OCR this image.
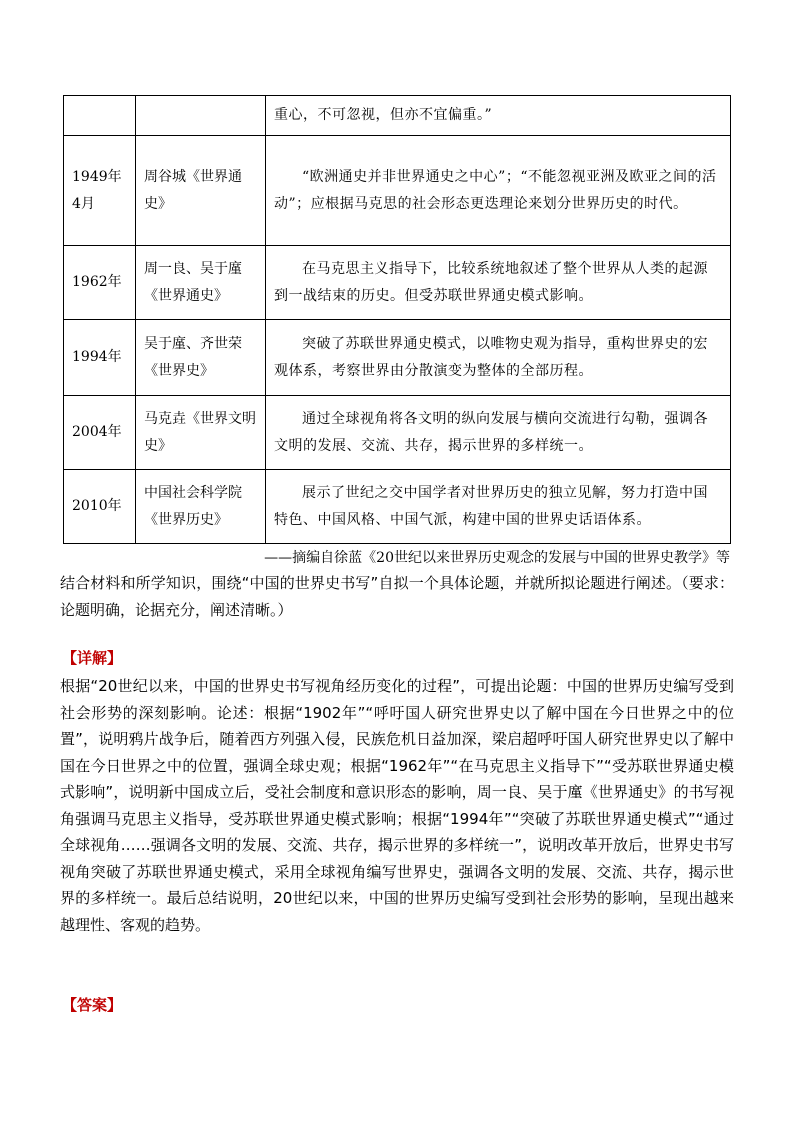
		重心，不可忽视，但亦不宜偏重。”
1949年4月	周谷城《世界通史》	“欧洲通史并非世界通史之中心”；“不能忽视亚洲及欧亚之间的活动”；应根据马克思的社会形态更迭理论来划分世界历史的时代。
1962年	周一良、吴于廑《世界通史》	在马克思主义指导下，比较系统地叙述了整个世界从人类的起源到一战结束的历史。但受苏联世界通史模式影响。
1994年	吴于廑、齐世荣《世界史》	突破了苏联世界通史模式，以唯物史观为指导，重构世界史的宏观体系，考察世界由分散演变为整体的全部历程。
2004年	马克垚《世界文明史》	通过全球视角将各文明的纵向发展与横向交流进行勾勒，强调各文明的发展、交流、共存，揭示世界的多样统一。
2010年	中国社会科学院《世界历史》	展示了世纪之交中国学者对世界历史的独立见解，努力打造中国特色、中国风格、中国气派，构建中国的世界史话语体系。
——摘编自徐蓝《20世纪以来世界历史观念的发展与中国的世界史教学》等
结合材料和所学知识，围绕“中国的世界史书写”自拟一个具体论题，并就所拟论题进行阐述。（要求：论题明确，论据充分，阐述清晰。）
【详解】
根据“20世纪以来，中国的世界史书写视角经历变化的过程”，可提出论题：中国的世界历史编写受到社会形势的深刻影响。论述：根据“1902年”“呼吁国人研究世界史以了解中国在今日世界之中的位置”，说明鸦片战争后，随着西方列强入侵，民族危机日益加深，梁启超呼吁国人研究世界史以了解中国在今日世界之中的位置，强调全球史观；根据“1962年”“在马克思主义指导下”“受苏联世界通史模式影响”，说明新中国成立后，受社会制度和意识形态的影响，周一良、吴于廑《世界通史》的书写视角强调马克思主义指导，受苏联世界通史模式影响；根据“1994年”“突破了苏联世界通史模式”“通过全球视角……强调各文明的发展、交流、共存，揭示世界的多样统一”，说明改革开放后，世界史书写视角突破了苏联世界通史模式，采用全球视角编写世界史，强调各文明的发展、交流、共存，揭示世界的多样统一。最后总结说明，20世纪以来，中国的世界历史编写受到社会形势的影响，呈现出越来越理性、客观的趋势。
【答案】
